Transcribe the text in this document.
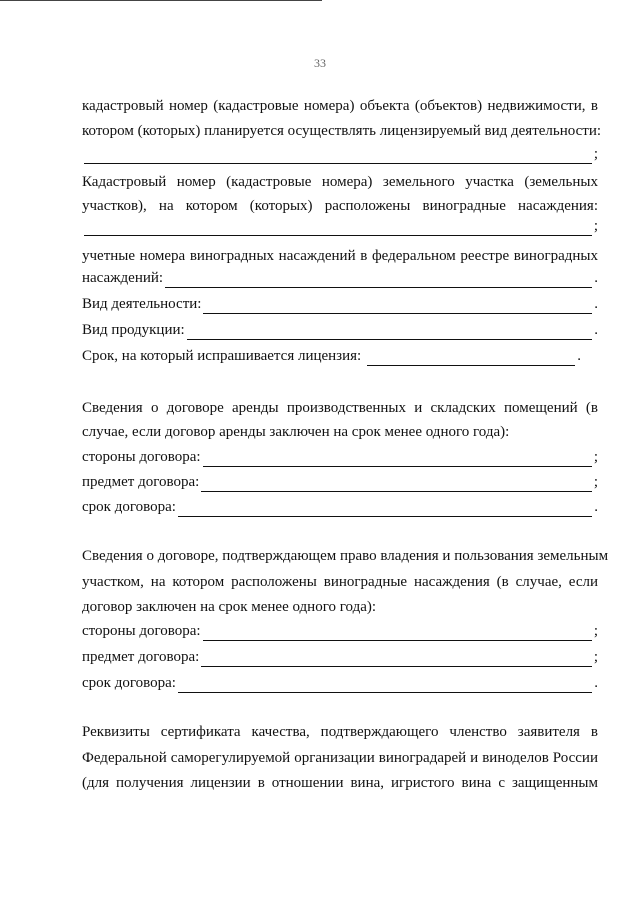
33
кадастровый номер (кадастровые номера) объекта (объектов) недвижимости, в
котором (которых) планируется осуществлять лицензируемый вид деятельности:
;
Кадастровый номер (кадастровые номера) земельного участка (земельных
участков), на котором (которых) расположены виноградные насаждения:
;
учетные номера виноградных насаждений в федеральном реестре виноградных
насаждений:	.
Вид деятельности:	.
Вид продукции:	.
Срок, на который испрашивается лицензия:	.
Сведения о договоре аренды производственных и складских помещений (в
случае, если договор аренды заключен на срок менее одного года):
стороны договора:	;
предмет договора:	;
срок договора:	.
Сведения о договоре, подтверждающем право владения и пользования земельным
участком, на котором расположены виноградные насаждения (в случае, если
договор заключен на срок менее одного года):
стороны договора:	;
предмет договора:	;
срок договора:	.
Реквизиты сертификата качества, подтверждающего членство заявителя в
Федеральной саморегулируемой организации виноградарей и виноделов России
(для получения лицензии в отношении вина, игристого вина с защищенным
